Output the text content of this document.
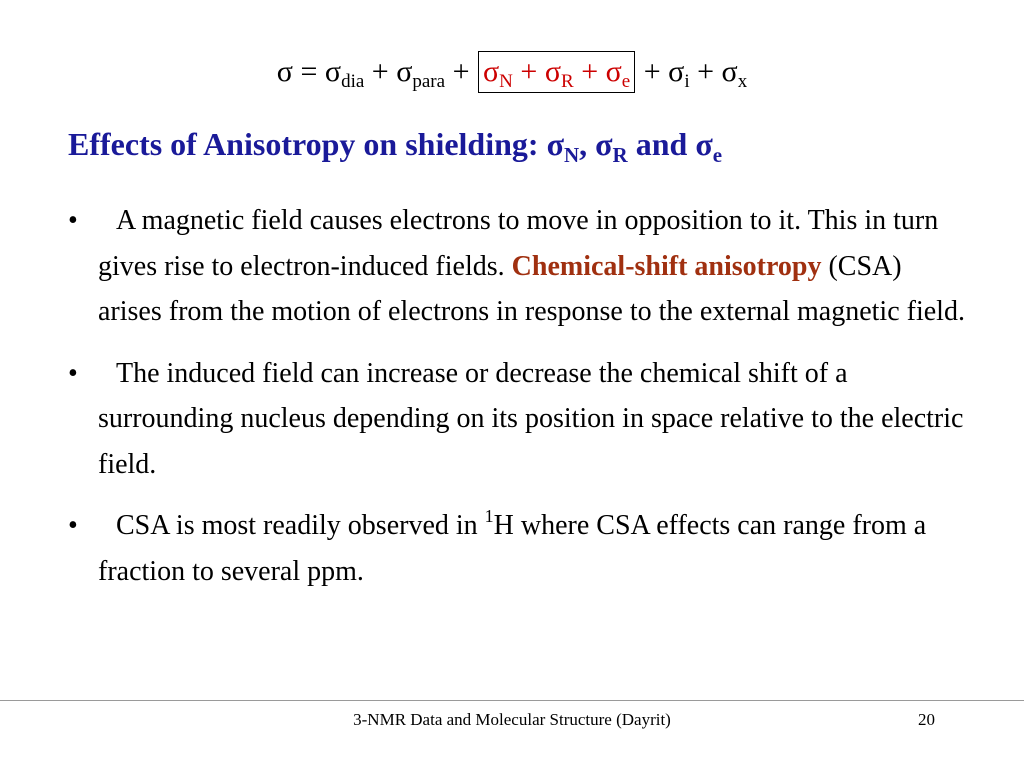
$\sigma = \sigma_{dia} + \sigma_{para} + \sigma_N + \sigma_R + \sigma_e + \sigma_i + \sigma_x$
Effects of Anisotropy on shielding: $\sigma_N$, $\sigma_R$ and $\sigma_e$
• A magnetic field causes electrons to move in opposition to it. This in turn gives rise to electron-induced fields. Chemical-shift anisotropy (CSA) arises from the motion of electrons in response to the external magnetic field.
• The induced field can increase or decrease the chemical shift of a surrounding nucleus depending on its position in space relative to the electric field.
• CSA is most readily observed in $^1$H where CSA effects can range from a fraction to several ppm.
3-NMR Data and Molecular Structure (Dayrit)	20
